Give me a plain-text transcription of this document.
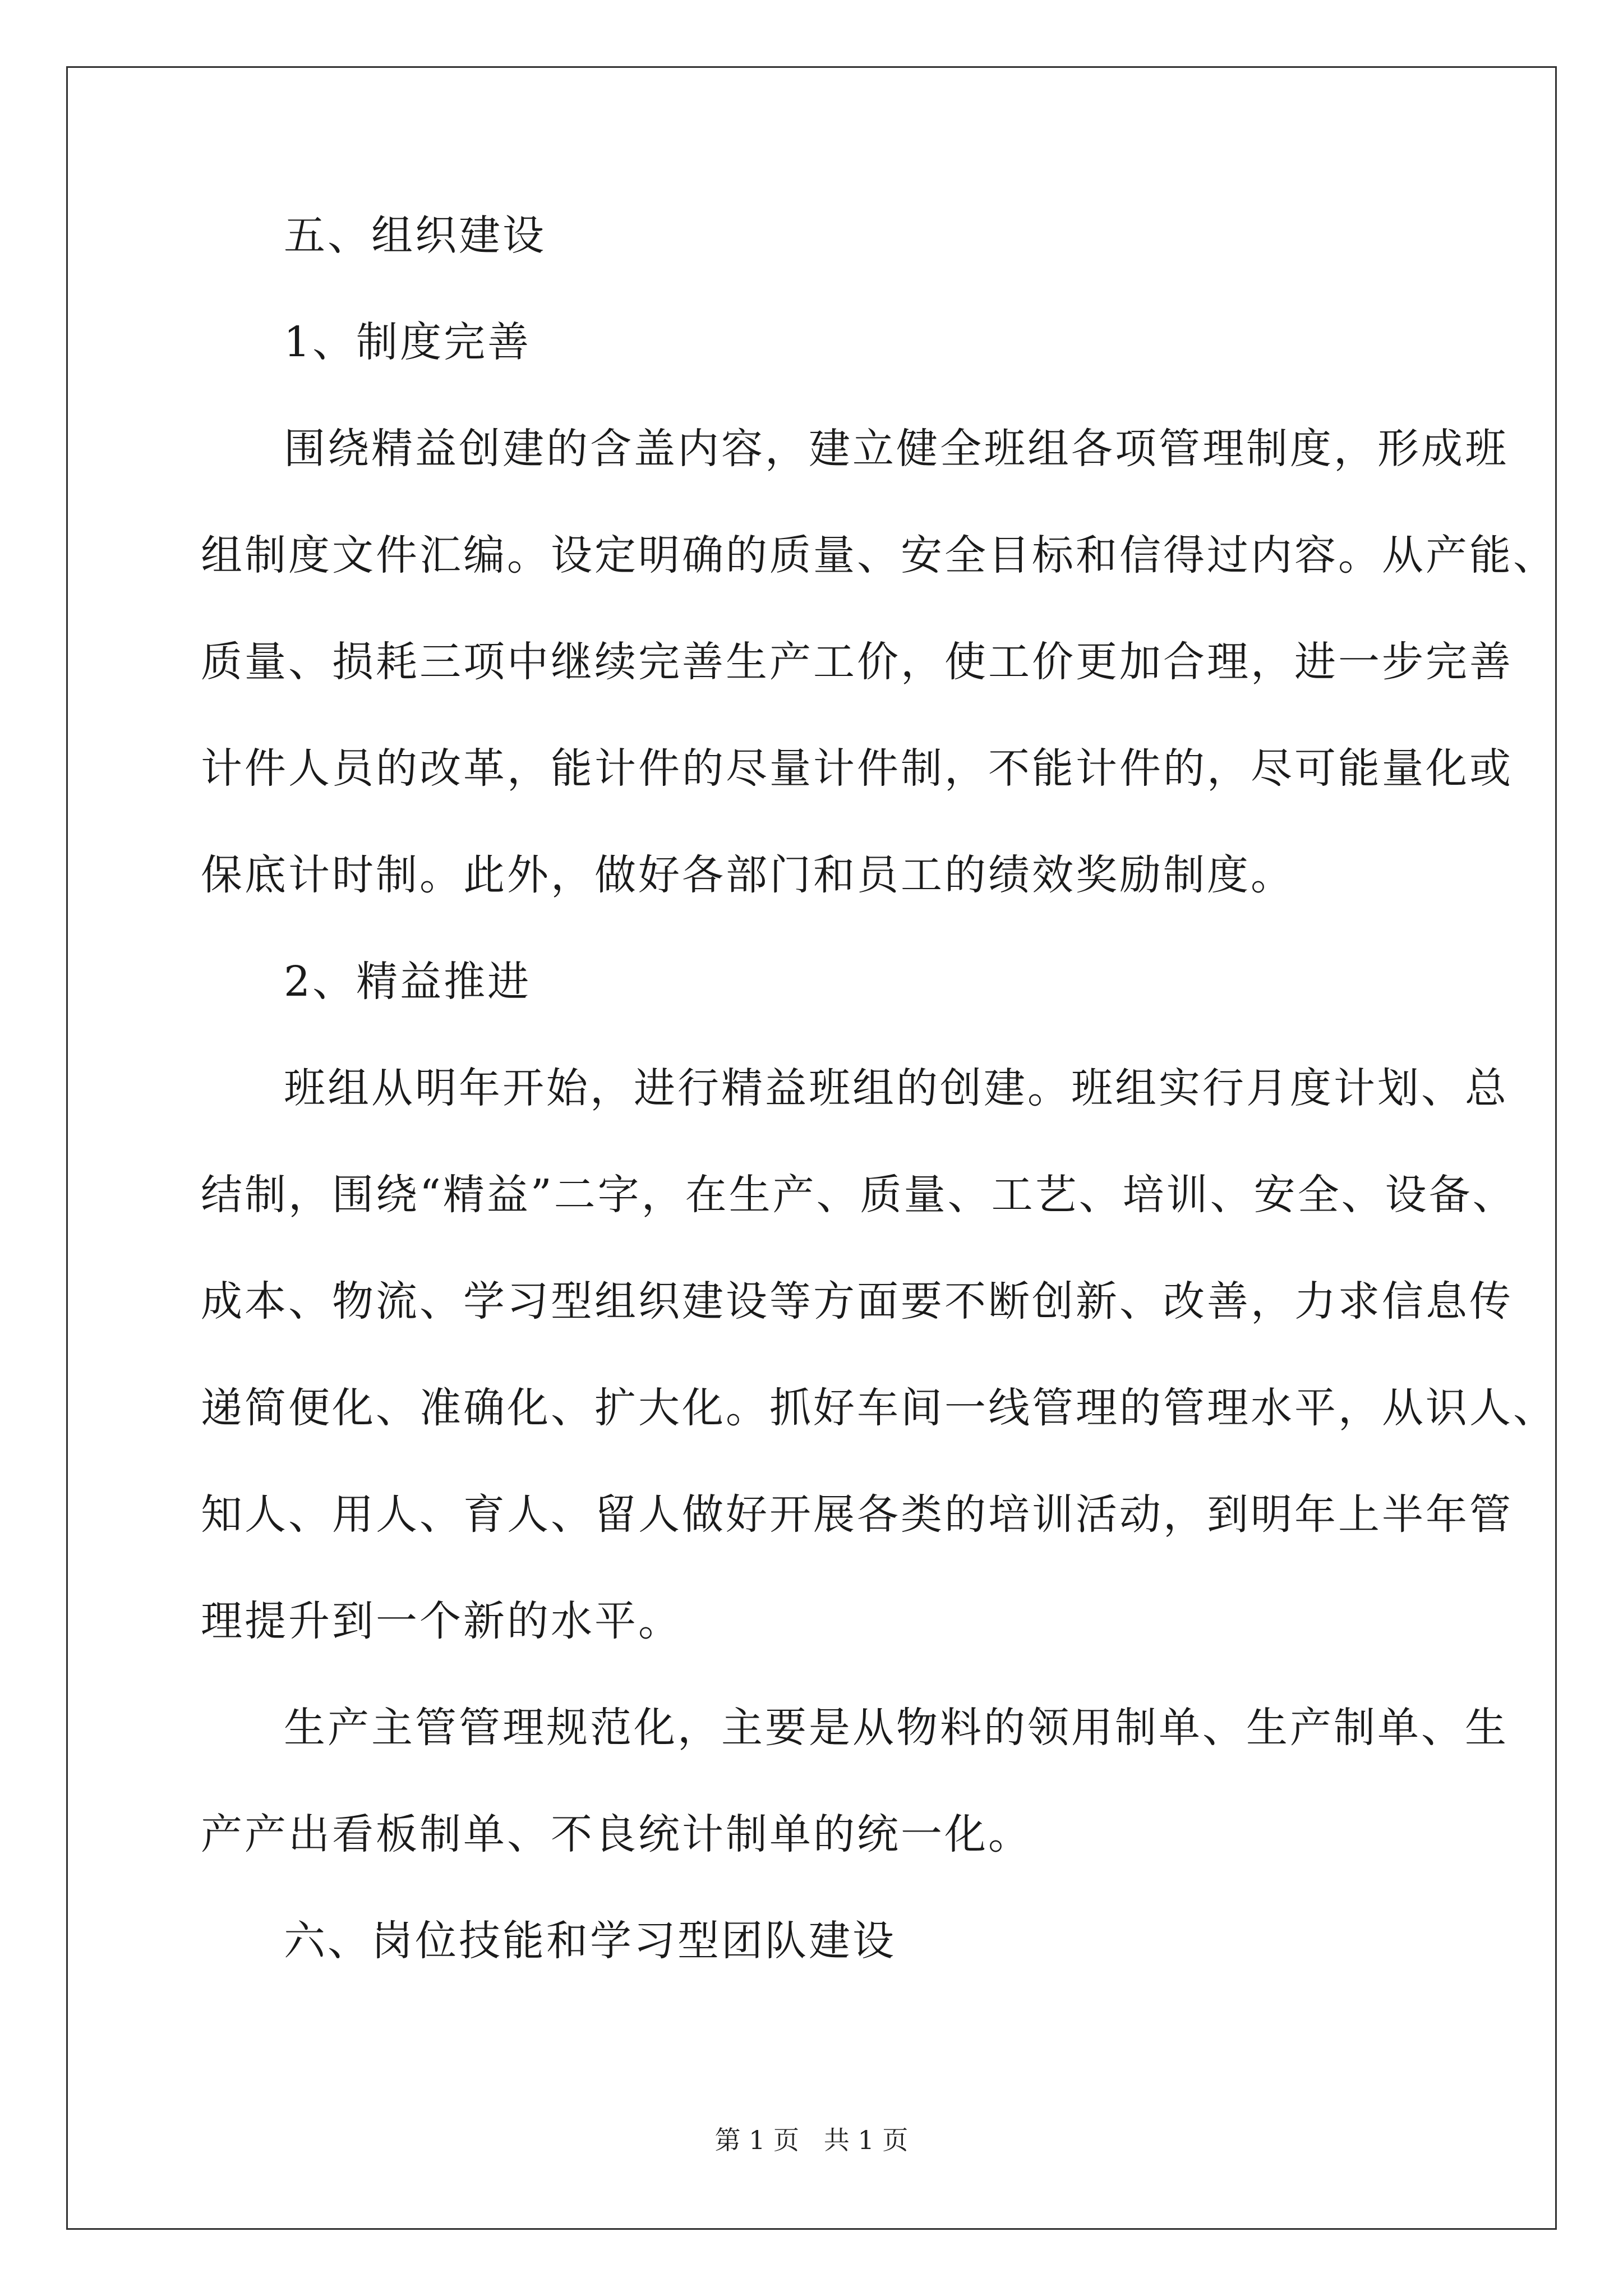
五、组织建设
1、制度完善
围绕精益创建的含盖内容，建立健全班组各项管理制度，形成班
组制度文件汇编。设定明确的质量、安全目标和信得过内容。从产能、
质量、损耗三项中继续完善生产工价，使工价更加合理，进一步完善
计件人员的改革，能计件的尽量计件制，不能计件的，尽可能量化或
保底计时制。此外，做好各部门和员工的绩效奖励制度。
2、精益推进
班组从明年开始，进行精益班组的创建。班组实行月度计划、总
结制，围绕“精益”二字，在生产、质量、工艺、培训、安全、设备、
成本、物流、学习型组织建设等方面要不断创新、改善，力求信息传
递简便化、准确化、扩大化。抓好车间一线管理的管理水平，从识人、
知人、用人、育人、留人做好开展各类的培训活动，到明年上半年管
理提升到一个新的水平。
生产主管管理规范化，主要是从物料的领用制单、生产制单、生
产产出看板制单、不良统计制单的统一化。
六、岗位技能和学习型团队建设
第 1 页   共 1 页
